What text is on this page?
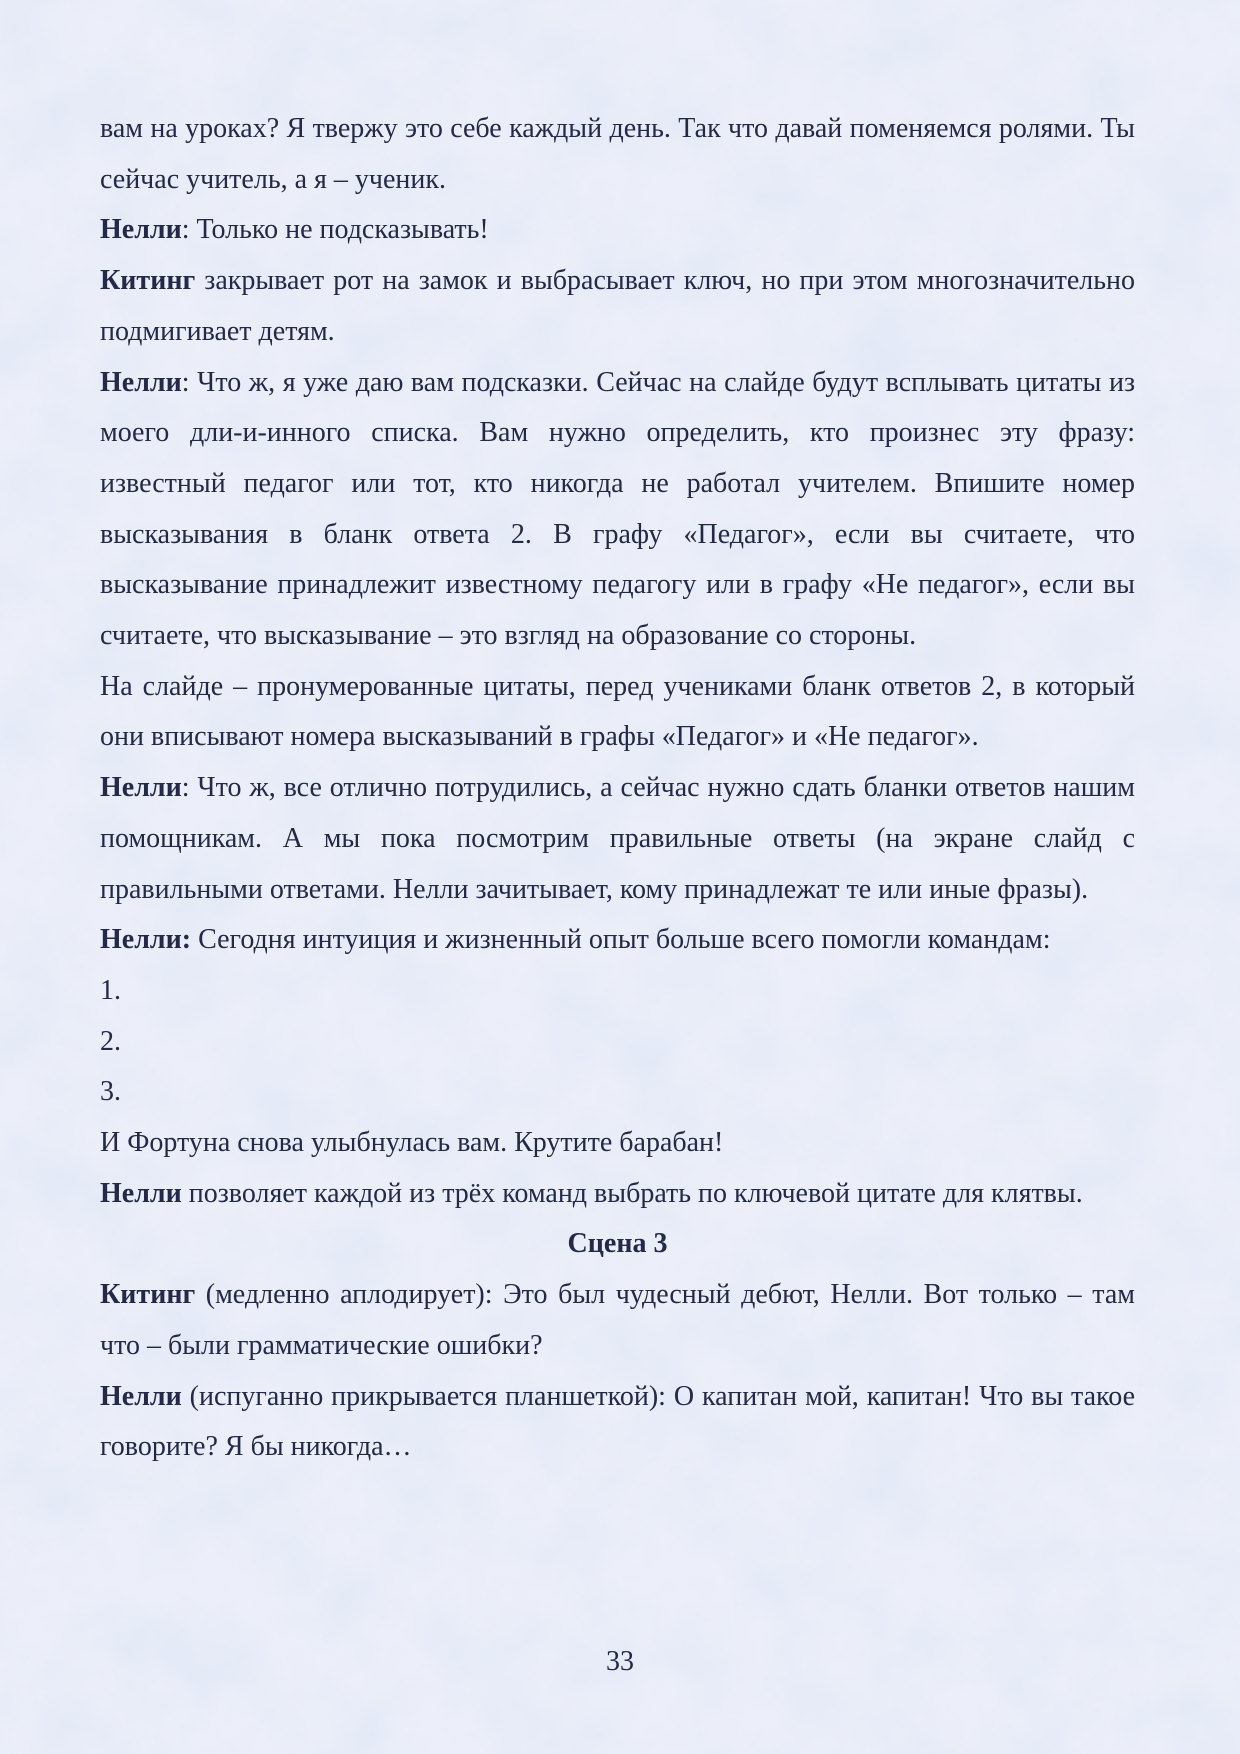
вам на уроках? Я твержу это себе каждый день. Так что давай поменяемся ролями. Ты сейчас учитель, а я – ученик.

Нелли: Только не подсказывать!

Китинг закрывает рот на замок и выбрасывает ключ, но при этом многозначительно подмигивает детям.

Нелли: Что ж, я уже даю вам подсказки. Сейчас на слайде будут всплывать цитаты из моего дли-и-инного списка. Вам нужно определить, кто произнес эту фразу: известный педагог или тот, кто никогда не работал учителем. Впишите номер высказывания в бланк ответа 2. В графу «Педагог», если вы считаете, что высказывание принадлежит известному педагогу или в графу «Не педагог», если вы считаете, что высказывание – это взгляд на образование со стороны.

На слайде – пронумерованные цитаты, перед учениками бланк ответов 2, в который они вписывают номера высказываний в графы «Педагог» и «Не педагог».

Нелли: Что ж, все отлично потрудились, а сейчас нужно сдать бланки ответов нашим помощникам. А мы пока посмотрим правильные ответы (на экране слайд с правильными ответами. Нелли зачитывает, кому принадлежат те или иные фразы).

Нелли: Сегодня интуиция и жизненный опыт больше всего помогли командам:

1.

2.

3.

И Фортуна снова улыбнулась вам. Крутите барабан!

Нелли позволяет каждой из трёх команд выбрать по ключевой цитате для клятвы.

Сцена 3

Китинг (медленно аплодирует): Это был чудесный дебют, Нелли. Вот только – там что – были грамматические ошибки?

Нелли (испуганно прикрывается планшеткой): О капитан мой, капитан! Что вы такое говорите? Я бы никогда…

33
